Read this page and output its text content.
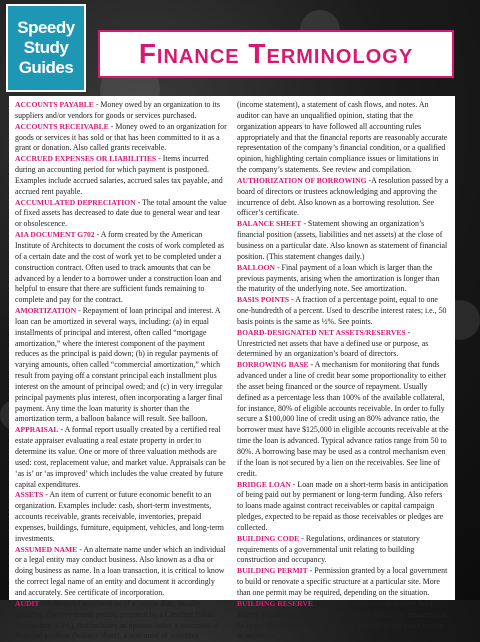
Speedy
Study
Guides Finance Terminology

ACCOUNTS PAYABLE - Money owed by an organization to its suppliers and/or vendors for goods or services purchased.

ACCOUNTS RECEIVABLE - Money owed to an organization for goods or services it has sold or that has been committed to it as a grant or donation. Also called grants receivable.

ACCRUED EXPENSES OR LIABILITIES - Items incurred during an accounting period for which payment is postponed. Examples include accrued salaries, accrued sales tax payable, and accrued rent payable.

ACCUMULATED DEPRECIATION - The total amount the value of fixed assets has decreased to date due to general wear and tear or obsolescence.

AIA DOCUMENT G702 - A form created by the American Institute of Architects to document the costs of work completed as of a certain date and the cost of work yet to be completed under a construction contract. Often used to track amounts that can be advanced by a lender to a borrower under a construction loan and helpful to ensure that there are sufficient funds remaining to complete and pay for the contract.

AMORTIZATION - Repayment of loan principal and interest. A loan can be amortized in several ways, including: (a) in equal installments of principal and interest, often called “mortgage amortization,” where the interest component of the payment reduces as the principal is paid down; (b) in regular payments of varying amounts, often called “commercial amortization,” which result from paying off a constant principal each installment plus interest on the amount of principal owed; and (c) in very irregular principal payments plus interest, often incorporating a larger final payment. Any time the loan maturity is shorter than the amortization term, a balloon balance will result. See balloon.

APPRAISAL - A formal report usually created by a certified real estate appraiser evaluating a real estate property in order to determine its value. One or more of three valuation methods are used: cost, replacement value, and market value. Appraisals can be ‘as is’ or ‘as improved’ which includes the value created by future capital expenditures.

ASSETS - An item of current or future economic benefit to an organization. Examples include: cash, short-term investments, accounts receivable, grants receivable, inventories, prepaid expenses, buildings, furniture, equipment, vehicles, and long-term investments.

ASSUMED NAME - An alternate name under which an individual or a legal entity may conduct business. Also known as a dba or doing business as name. In a loan transaction, it is critical to know the correct legal name of an entity and document it accordingly and accurately. See certificate of incorporation.

AUDIT - A financial statement as of a certain date, usually covering a twelve-month period, prepared by a Certified Public Accountant (CPA), that includes an opinion letter, a statement of financial position (balance sheet), a statement of activities

(income statement), a statement of cash flows, and notes. An auditor can have an unqualified opinion, stating that the organization appears to have followed all accounting rules appropriately and that the financial reports are reasonably accurate representation of the company’s financial condition, or a qualified opinion, highlighting certain compliance issues or limitations in the company’s statements. See review and compilation.

AUTHORIZATION OF BORROWING -A resolution passed by a board of directors or trustees acknowledging and approving the incurrence of debt. Also known as a borrowing resolution. See officer’s certificate.

BALANCE SHEET - Statement showing an organization’s financial position (assets, liabilities and net assets) at the close of business on a particular date. Also known as statement of financial position. (This statement changes daily.)

BALLOON - Final payment of a loan which is larger than the previous payments, arising when the amortization is longer than the maturity of the underlying note. See amortization.

BASIS POINTS - A fraction of a percentage point, equal to one one-hundredth of a percent. Used to describe interest rates; i.e., 50 basis points is the same as ½%. See points.

BOARD-DESIGNATED NET ASSETS/RESERVES - Unrestricted net assets that have a defined use or purpose, as determined by an organization’s board of directors.

BORROWING BASE - A mechanism for monitoring that funds advanced under a line of credit bear some proportionality to either the asset being financed or the source of repayment. Usually defined as a percentage less than 100% of the available collateral, for instance, 80% of eligible accounts receivable. In order to fully secure a $100,000 line of credit using an 80% advance ratio, the borrower must have $125,000 in eligible accounts receivable at the time the loan is advanced. Typical advance ratios range from 50 to 80%. A borrowing base may be used as a control mechanism even if the loan is not secured by a lien on the receivables. See line of credit.

BRIDGE LOAN - Loan made on a short-term basis in anticipation of being paid out by permanent or long-term funding. Also refers to loans made against contract receivables or capital campaign pledges, expected to be repaid as those receivables or pledges are collected.

BUILDING CODE - Regulations, ordinances or statutory requirements of a governmental unit relating to building construction and occupancy.

BUILDING PERMIT - Permission granted by a local government to build or renovate a specific structure at a particular site. More than one permit may be required, depending on the situation.

BUILDING RESERVE - A capital improvement reserve fund. Money set aside to pay for facility upkeep, where the amounts can be large, the ultimate need a certainty, but where the exact timing is uncertain.
